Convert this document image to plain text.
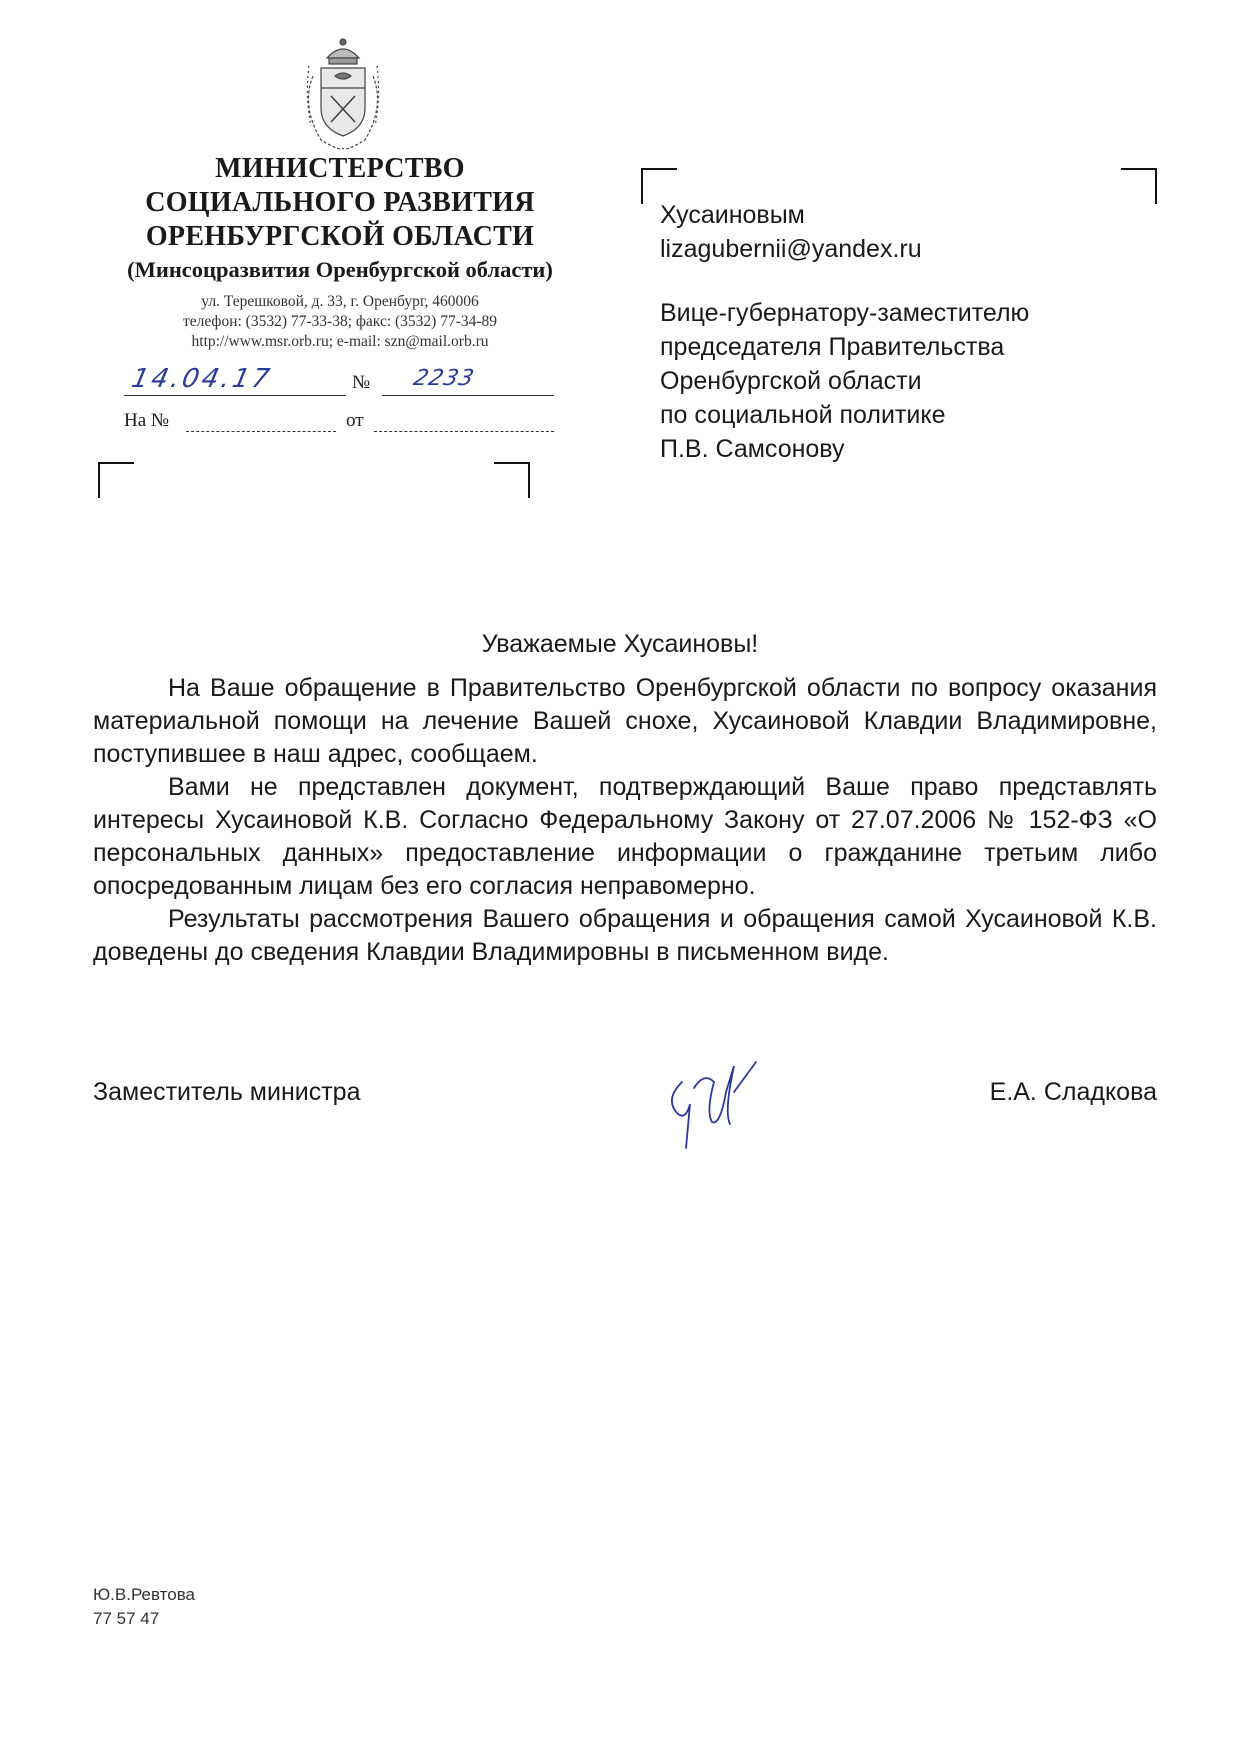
МИНИСТЕРСТВО
СОЦИАЛЬНОГО РАЗВИТИЯ
ОРЕНБУРГСКОЙ ОБЛАСТИ
(Минсоцразвития Оренбургской области)
ул. Терешковой, д. 33, г. Оренбург, 460006
телефон: (3532) 77-33-38; факс: (3532) 77-34-89
http://www.msr.orb.ru; e-mail: szn@mail.orb.ru
14.04.17	№ 2233
На №	от
Хусаиновым
lizagubernii@yandex.ru
Вице-губернатору-заместителю
председателя Правительства
Оренбургской области
по социальной политике
П.В. Самсонову
Уважаемые Хусаиновы!

На Ваше обращение в Правительство Оренбургской области по вопросу оказания материальной помощи на лечение Вашей снохе, Хусаиновой Клавдии Владимировне, поступившее в наш адрес, сообщаем.

Вами не представлен документ, подтверждающий Ваше право представлять интересы Хусаиновой К.В. Согласно Федеральному Закону от 27.07.2006 № 152-ФЗ «О персональных данных» предоставление информации о гражданине третьим либо опосредованным лицам без его согласия неправомерно.

Результаты рассмотрения Вашего обращения и обращения самой Хусаиновой К.В. доведены до сведения Клавдии Владимировны в письменном виде.

Заместитель министра	Е.А. Сладкова
Ю.В.Ревтова
77 57 47
